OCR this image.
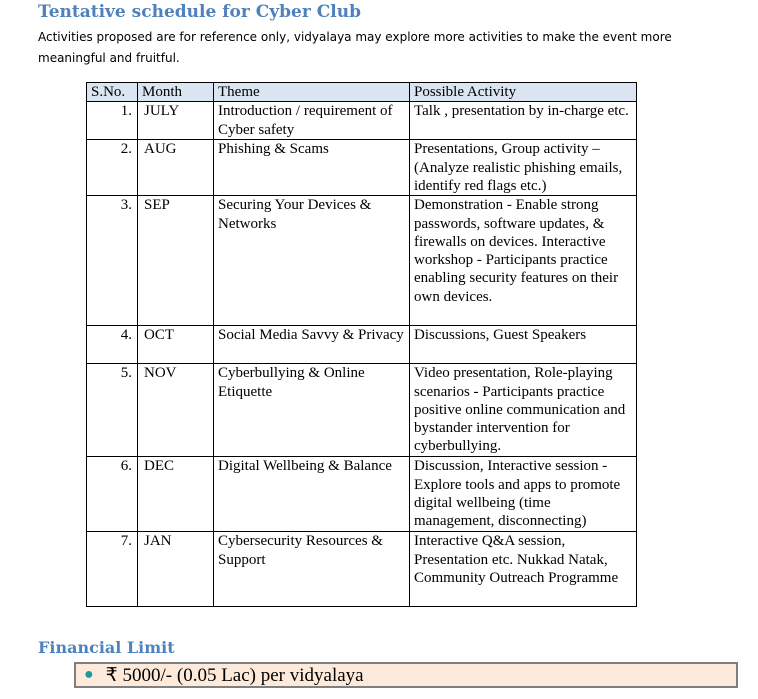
Tentative schedule for Cyber Club
Activities proposed are for reference only, vidyalaya may explore more activities to make the event more meaningful and fruitful.
S.No.	Month	Theme	Possible Activity
1.	JULY	Introduction / requirement of Cyber safety	Talk , presentation by in-charge etc.
2.	AUG	Phishing & Scams	Presentations, Group activity – (Analyze realistic phishing emails, identify red flags etc.)
3.	SEP	Securing Your Devices & Networks	Demonstration - Enable strong passwords, software updates, & firewalls on devices. Interactive workshop - Participants practice enabling security features on their own devices.
4.	OCT	Social Media Savvy & Privacy	Discussions, Guest Speakers
5.	NOV	Cyberbullying & Online Etiquette	Video presentation, Role-playing scenarios - Participants practice positive online communication and bystander intervention for cyberbullying.
6.	DEC	Digital Wellbeing & Balance	Discussion, Interactive session - Explore tools and apps to promote digital wellbeing (time management, disconnecting)
7.	JAN	Cybersecurity Resources & Support	Interactive Q&A session, Presentation etc. Nukkad Natak, Community Outreach Programme
Financial Limit
● ₹ 5000/- (0.05 Lac) per vidyalaya
